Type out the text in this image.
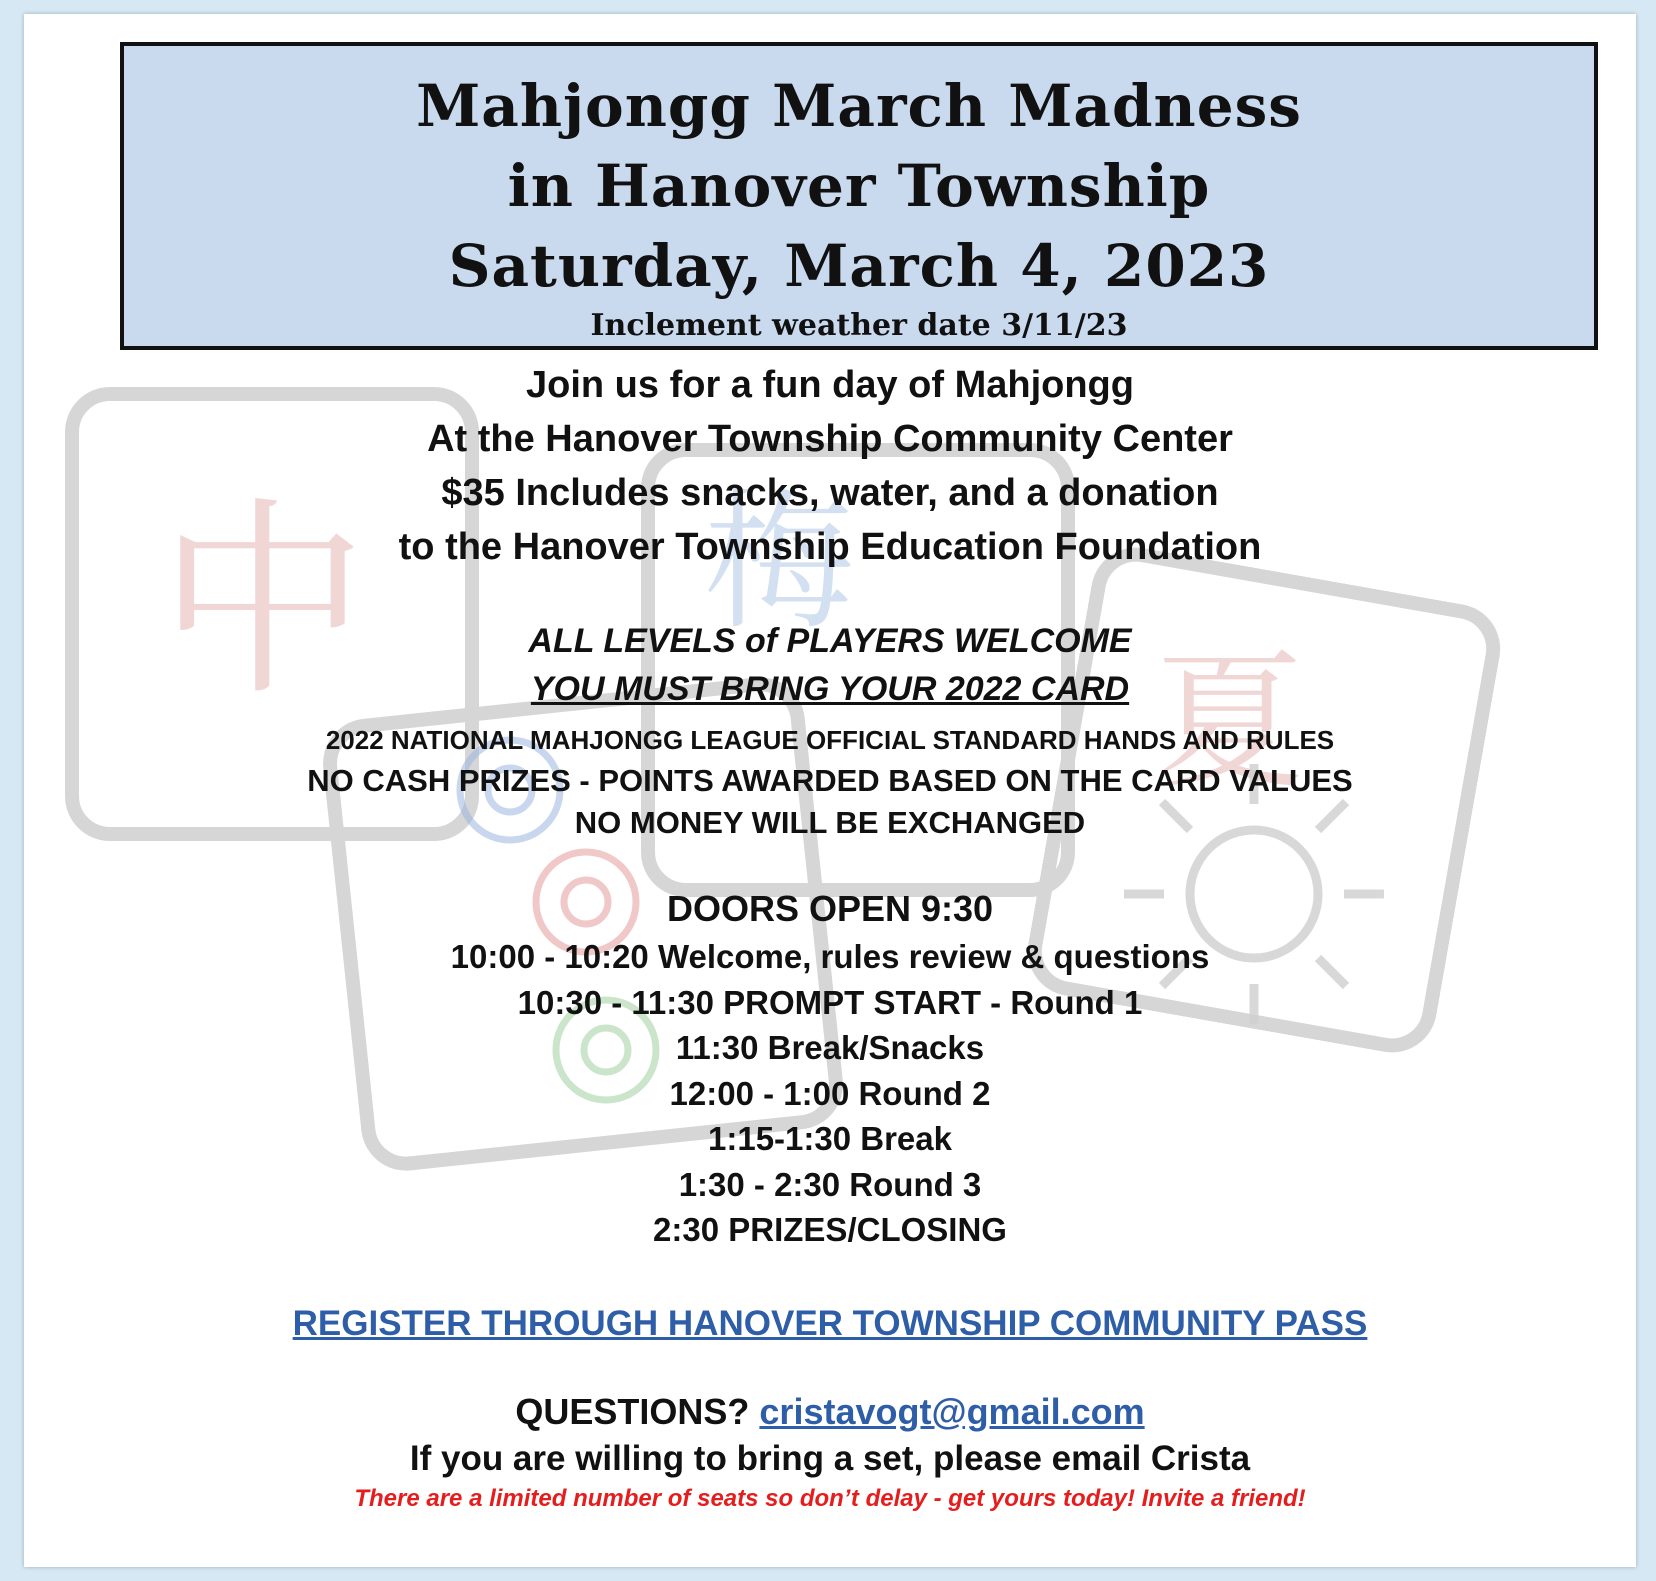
中 梅
夏
Mahjongg March Madness
in Hanover Township
Saturday, March 4, 2023
Inclement weather date 3/11/23
Join us for a fun day of Mahjongg
At the Hanover Township Community Center
$35 Includes snacks, water, and a donation
to the Hanover Township Education Foundation
ALL LEVELS of PLAYERS WELCOME
YOU MUST BRING YOUR 2022 CARD
2022 NATIONAL MAHJONGG LEAGUE OFFICIAL STANDARD HANDS AND RULES
NO CASH PRIZES - POINTS AWARDED BASED ON THE CARD VALUES
NO MONEY WILL BE EXCHANGED
DOORS OPEN 9:30
10:00 - 10:20 Welcome, rules review & questions
10:30 - 11:30 PROMPT START - Round 1
11:30 Break/Snacks
12:00 - 1:00 Round 2
1:15-1:30 Break
1:30 - 2:30 Round 3
2:30 PRIZES/CLOSING
REGISTER THROUGH HANOVER TOWNSHIP COMMUNITY PASS
QUESTIONS? cristavogt@gmail.com
If you are willing to bring a set, please email Crista
There are a limited number of seats so don’t delay - get yours today! Invite a friend!
